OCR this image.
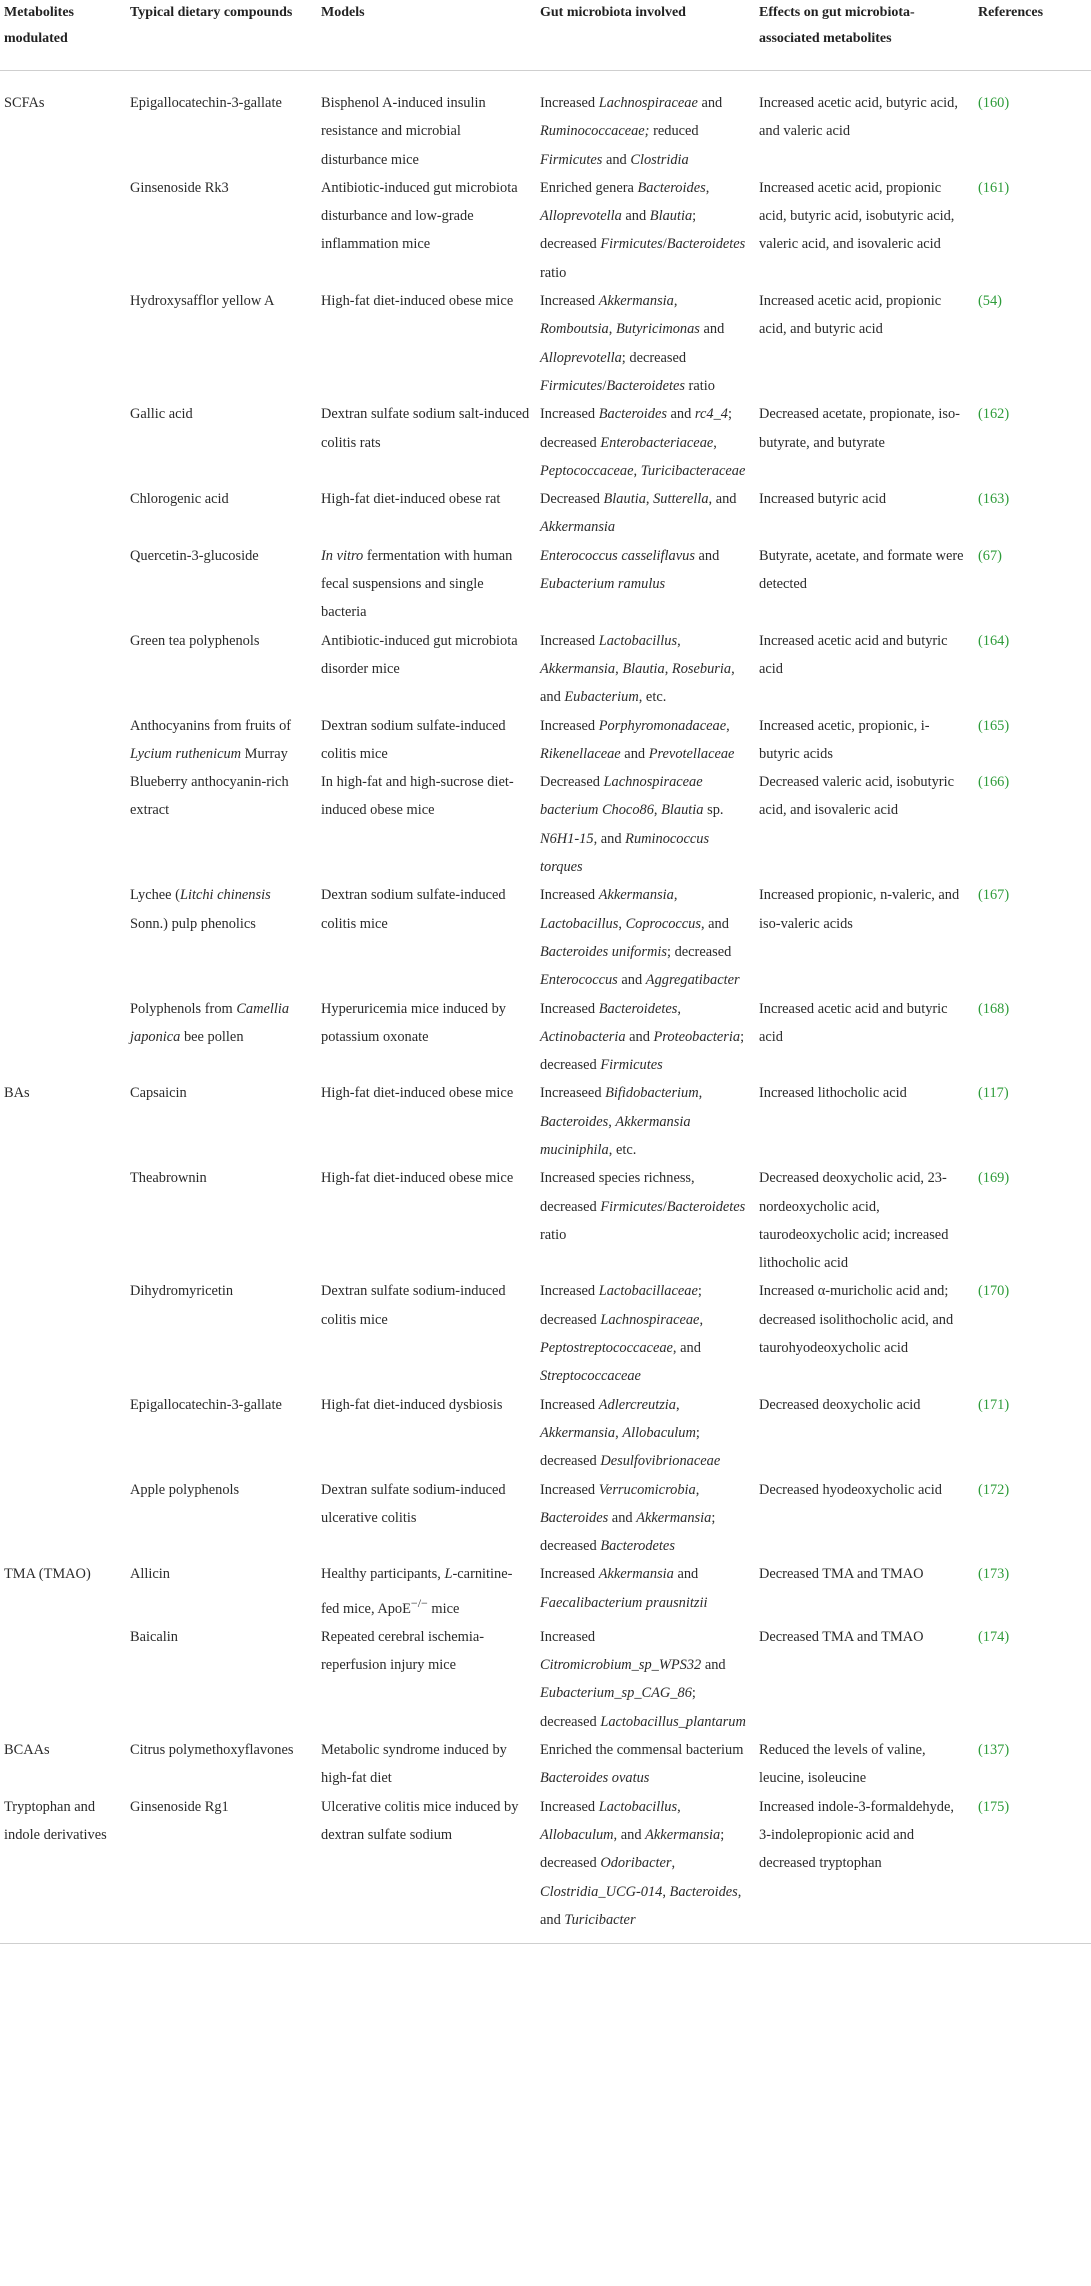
Metabolites modulated	Typical dietary compounds	Models	Gut microbiota involved	Effects on gut microbiota-associated metabolites	References
SCFAs	Epigallocatechin-3-gallate	Bisphenol A-induced insulin resistance and microbial disturbance mice	Increased Lachnospiraceae and Ruminococcaceae; reduced Firmicutes and Clostridia	Increased acetic acid, butyric acid, and valeric acid	(160)
	Ginsenoside Rk3	Antibiotic-induced gut microbiota disturbance and low-grade inflammation mice	Enriched genera Bacteroides, Alloprevotella and Blautia; decreased Firmicutes/Bacteroidetes ratio	Increased acetic acid, propionic acid, butyric acid, isobutyric acid, valeric acid, and isovaleric acid	(161)
	Hydroxysafflor yellow A	High-fat diet-induced obese mice	Increased Akkermansia, Romboutsia, Butyricimonas and Alloprevotella; decreased Firmicutes/Bacteroidetes ratio	Increased acetic acid, propionic acid, and butyric acid	(54)
	Gallic acid	Dextran sulfate sodium salt-induced colitis rats	Increased Bacteroides and rc4_4; decreased Enterobacteriaceae, Peptococcaceae, Turicibacteraceae	Decreased acetate, propionate, iso-butyrate, and butyrate	(162)
	Chlorogenic acid	High-fat diet-induced obese rat	Decreased Blautia, Sutterella, and Akkermansia	Increased butyric acid	(163)
	Quercetin-3-glucoside	In vitro fermentation with human fecal suspensions and single bacteria	Enterococcus casseliflavus and Eubacterium ramulus	Butyrate, acetate, and formate were detected	(67)
	Green tea polyphenols	Antibiotic-induced gut microbiota disorder mice	Increased Lactobacillus, Akkermansia, Blautia, Roseburia, and Eubacterium, etc.	Increased acetic acid and butyric acid	(164)
	Anthocyanins from fruits of Lycium ruthenicum Murray	Dextran sodium sulfate-induced colitis mice	Increased Porphyromonadaceae, Rikenellaceae and Prevotellaceae	Increased acetic, propionic, i-butyric acids	(165)
	Blueberry anthocyanin-rich extract	In high-fat and high-sucrose diet-induced obese mice	Decreased Lachnospiraceae bacterium Choco86, Blautia sp. N6H1-15, and Ruminococcus torques	Decreased valeric acid, isobutyric acid, and isovaleric acid	(166)
	Lychee (Litchi chinensis Sonn.) pulp phenolics	Dextran sodium sulfate-induced colitis mice	Increased Akkermansia, Lactobacillus, Coprococcus, and Bacteroides uniformis; decreased Enterococcus and Aggregatibacter	Increased propionic, n-valeric, and iso-valeric acids	(167)
	Polyphenols from Camellia japonica bee pollen	Hyperuricemia mice induced by potassium oxonate	Increased Bacteroidetes, Actinobacteria and Proteobacteria; decreased Firmicutes	Increased acetic acid and butyric acid	(168)
BAs	Capsaicin	High-fat diet-induced obese mice	Increaseed Bifidobacterium, Bacteroides, Akkermansia muciniphila, etc.	Increased lithocholic acid	(117)
	Theabrownin	High-fat diet-induced obese mice	Increased species richness, decreased Firmicutes/Bacteroidetes ratio	Decreased deoxycholic acid, 23-nordeoxycholic acid, taurodeoxycholic acid; increased lithocholic acid	(169)
	Dihydromyricetin	Dextran sulfate sodium-induced colitis mice	Increased Lactobacillaceae; decreased Lachnospiraceae, Peptostreptococcaceae, and Streptococcaceae	Increased α-muricholic acid and; decreased isolithocholic acid, and taurohyodeoxycholic acid	(170)
	Epigallocatechin-3-gallate	High-fat diet-induced dysbiosis	Increased Adlercreutzia, Akkermansia, Allobaculum; decreased Desulfovibrionaceae	Decreased deoxycholic acid	(171)
	Apple polyphenols	Dextran sulfate sodium-induced ulcerative colitis	Increased Verrucomicrobia, Bacteroides and Akkermansia; decreased Bacterodetes	Decreased hyodeoxycholic acid	(172)
TMA (TMAO)	Allicin	Healthy participants, L-carnitine-fed mice, ApoE−/− mice	Increased Akkermansia and Faecalibacterium prausnitzii	Decreased TMA and TMAO	(173)
	Baicalin	Repeated cerebral ischemia-reperfusion injury mice	Increased Citromicrobium_sp_WPS32 and Eubacterium_sp_CAG_86; decreased Lactobacillus_plantarum	Decreased TMA and TMAO	(174)
BCAAs	Citrus polymethoxyflavones	Metabolic syndrome induced by high-fat diet	Enriched the commensal bacterium Bacteroides ovatus	Reduced the levels of valine, leucine, isoleucine	(137)
Tryptophan and indole derivatives	Ginsenoside Rg1	Ulcerative colitis mice induced by dextran sulfate sodium	Increased Lactobacillus, Allobaculum, and Akkermansia; decreased Odoribacter, Clostridia_UCG-014, Bacteroides, and Turicibacter	Increased indole-3-formaldehyde, 3-indolepropionic acid and decreased tryptophan	(175)
